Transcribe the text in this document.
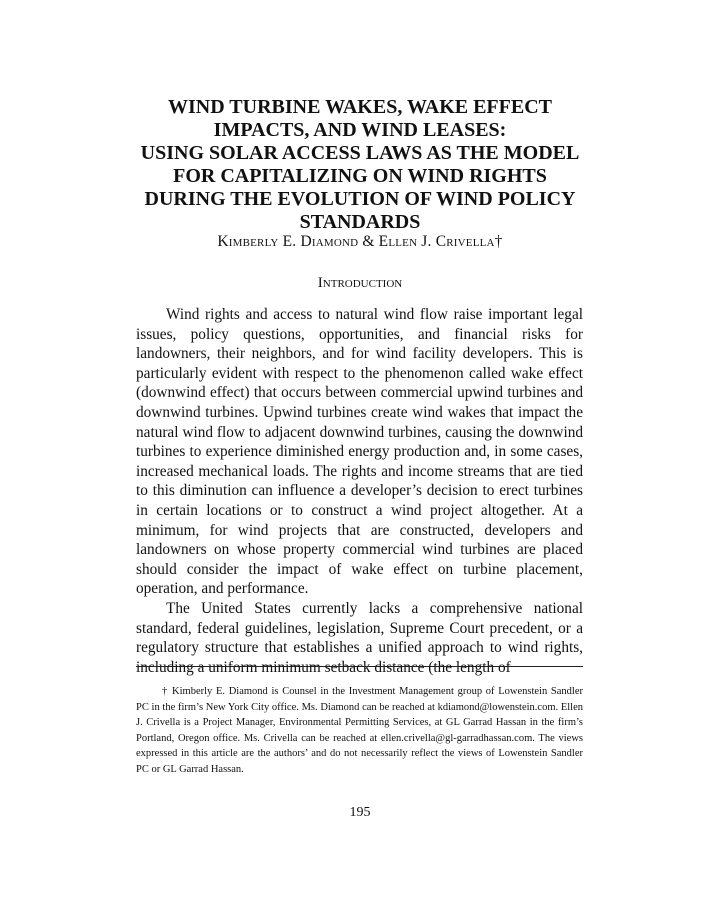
WIND TURBINE WAKES, WAKE EFFECT
IMPACTS, AND WIND LEASES:
USING SOLAR ACCESS LAWS AS THE MODEL
FOR CAPITALIZING ON WIND RIGHTS
DURING THE EVOLUTION OF WIND POLICY
STANDARDS
Kimberly E. Diamond & Ellen J. Crivella†
Introduction

Wind rights and access to natural wind flow raise important legal issues, policy questions, opportunities, and financial risks for landowners, their neighbors, and for wind facility developers. This is particularly evident with respect to the phenomenon called wake effect (downwind effect) that occurs between commercial upwind turbines and downwind turbines. Upwind turbines create wind wakes that impact the natural wind flow to adjacent downwind turbines, causing the downwind turbines to experience diminished energy production and, in some cases, increased mechanical loads. The rights and income streams that are tied to this diminution can influence a developer’s decision to erect turbines in certain locations or to construct a wind project altogether. At a minimum, for wind projects that are constructed, developers and landowners on whose property commercial wind turbines are placed should consider the impact of wake effect on turbine placement, operation, and performance.

The United States currently lacks a comprehensive national standard, federal guidelines, legislation, Supreme Court precedent, or a regulatory structure that establishes a unified approach to wind rights, including a uniform minimum setback distance (the length of

† Kimberly E. Diamond is Counsel in the Investment Management group of Lowenstein Sandler PC in the firm’s New York City office. Ms. Diamond can be reached at kdiamond@lowenstein.com. Ellen J. Crivella is a Project Manager, Environmental Permitting Services, at GL Garrad Hassan in the firm’s Portland, Oregon office. Ms. Crivella can be reached at ellen.crivella@gl-garradhassan.com. The views expressed in this article are the authors’ and do not necessarily reflect the views of Lowenstein Sandler PC or GL Garrad Hassan.

195
